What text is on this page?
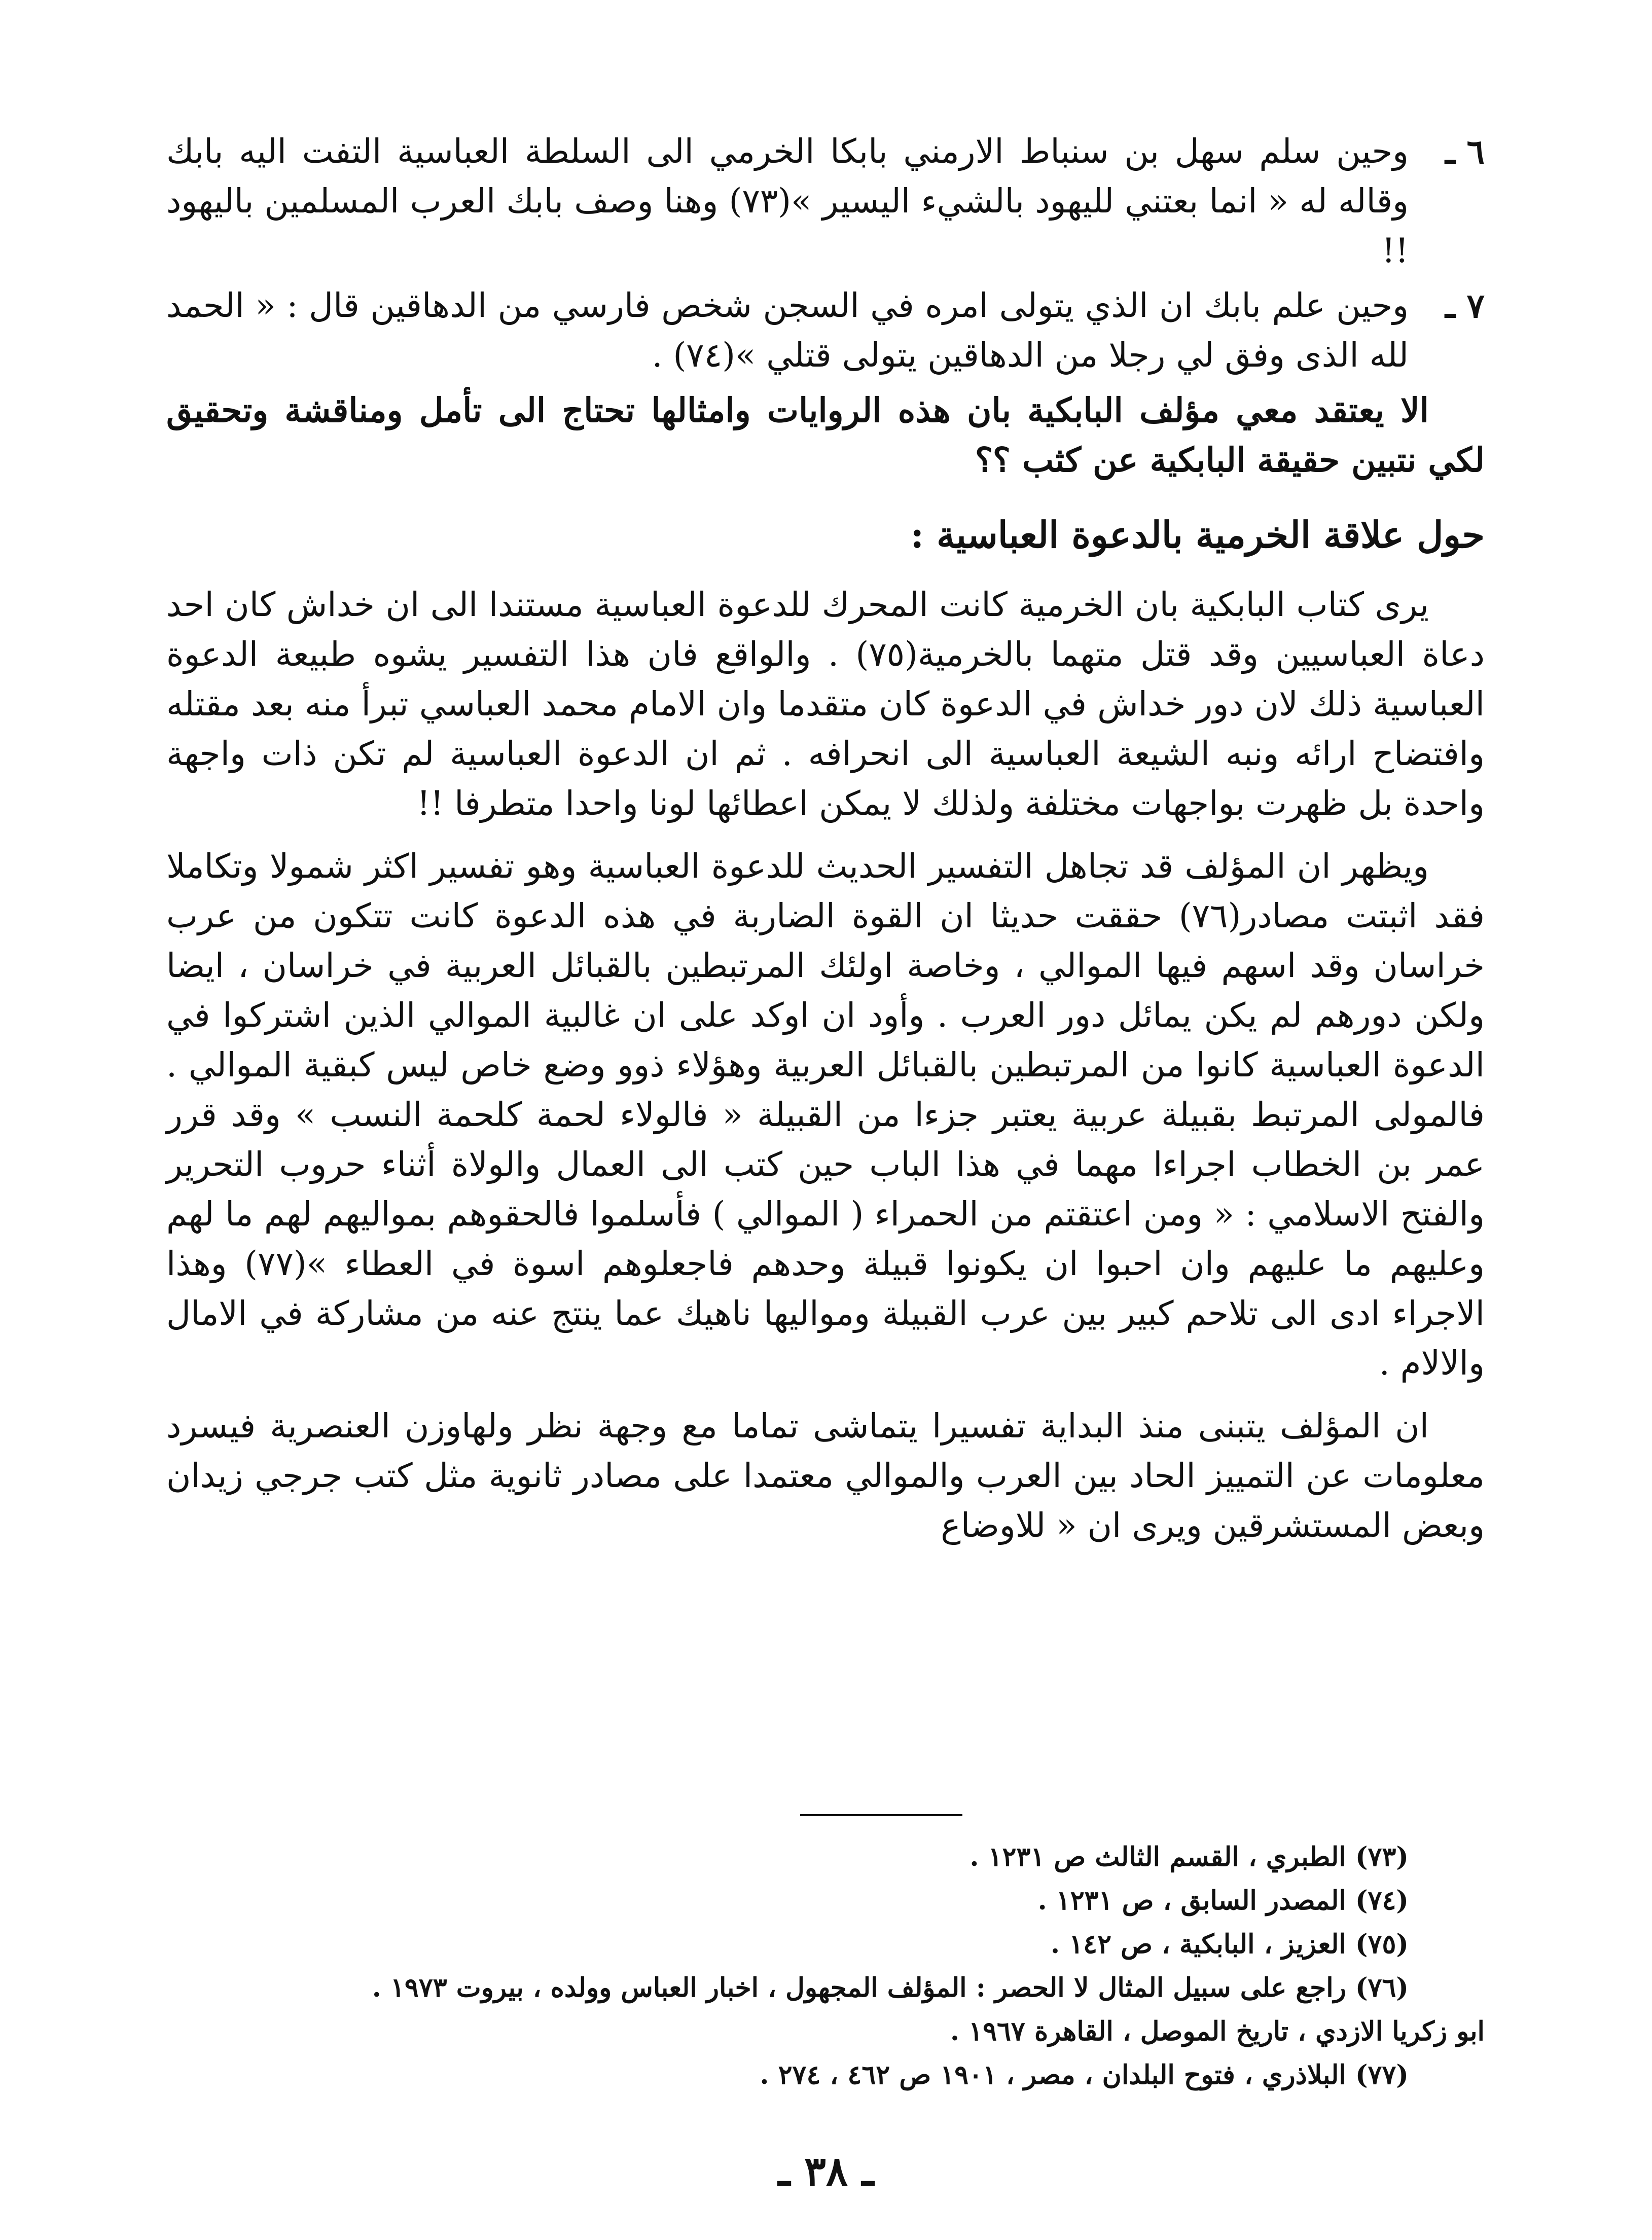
٦ ـ
وحين سلم سهل بن سنباط الارمني بابكا الخرمي الى السلطة العباسية التفت اليه بابك وقاله له « انما بعتني لليهود بالشيء اليسير »(٧٣) وهنا وصف بابك العرب المسلمين باليهود !!
٧ ـ
وحين علم بابك ان الذي يتولى امره في السجن شخص فارسي من الدهاقين قال : « الحمد لله الذى وفق لي رجلا من الدهاقين يتولى قتلي »(٧٤) .

الا يعتقد معي مؤلف البابكية بان هذه الروايات وامثالها تحتاج الى تأمل ومناقشة وتحقيق لكي نتبين حقيقة البابكية عن كثب ؟؟

حول علاقة الخرمية بالدعوة العباسية :

يرى كتاب البابكية بان الخرمية كانت المحرك للدعوة العباسية مستندا الى ان خداش كان احد دعاة العباسيين وقد قتل متهما بالخرمية(٧٥) . والواقع فان هذا التفسير يشوه طبيعة الدعوة العباسية ذلك لان دور خداش في الدعوة كان متقدما وان الامام محمد العباسي تبرأ منه بعد مقتله وافتضاح ارائه ونبه الشيعة العباسية الى انحرافه . ثم ان الدعوة العباسية لم تكن ذات واجهة واحدة بل ظهرت بواجهات مختلفة ولذلك لا يمكن اعطائها لونا واحدا متطرفا !!

ويظهر ان المؤلف قد تجاهل التفسير الحديث للدعوة العباسية وهو تفسير اكثر شمولا وتكاملا فقد اثبتت مصادر(٧٦) حققت حديثا ان القوة الضاربة في هذه الدعوة كانت تتكون من عرب خراسان وقد اسهم فيها الموالي ، وخاصة اولئك المرتبطين بالقبائل العربية في خراسان ، ايضا ولكن دورهم لم يكن يمائل دور العرب . وأود ان اوكد على ان غالبية الموالي الذين اشتركوا في الدعوة العباسية كانوا من المرتبطين بالقبائل العربية وهؤلاء ذوو وضع خاص ليس كبقية الموالي . فالمولى المرتبط بقبيلة عربية يعتبر جزءا من القبيلة « فالولاء لحمة كلحمة النسب » وقد قرر عمر بن الخطاب اجراءا مهما في هذا الباب حين كتب الى العمال والولاة أثناء حروب التحرير والفتح الاسلامي : « ومن اعتقتم من الحمراء ( الموالي ) فأسلموا فالحقوهم بمواليهم لهم ما لهم وعليهم ما عليهم وان احبوا ان يكونوا قبيلة وحدهم فاجعلوهم اسوة في العطاء »(٧٧) وهذا الاجراء ادى الى تلاحم كبير بين عرب القبيلة ومواليها ناهيك عما ينتج عنه من مشاركة في الامال والالام .

ان المؤلف يتبنى منذ البداية تفسيرا يتماشى تماما مع وجهة نظر ولهاوزن العنصرية فيسرد معلومات عن التمييز الحاد بين العرب والموالي معتمدا على مصادر ثانوية مثل كتب جرجي زيدان وبعض المستشرقين ويرى ان « للاوضاع

(٧٣) الطبري ، القسم الثالث ص ١٢٣١ .

(٧٤) المصدر السابق ، ص ١٢٣١ .

(٧٥) العزيز ، البابكية ، ص ١٤٢ .

(٧٦) راجع على سبيل المثال لا الحصر : المؤلف المجهول ، اخبار العباس وولده ، بيروت ١٩٧٣ .

ابو زكريا الازدي ، تاريخ الموصل ، القاهرة ١٩٦٧ .

(٧٧) البلاذري ، فتوح البلدان ، مصر ، ١٩٠١ ص ٤٦٢ ، ٢٧٤ .

ـ ٣٨ ـ
